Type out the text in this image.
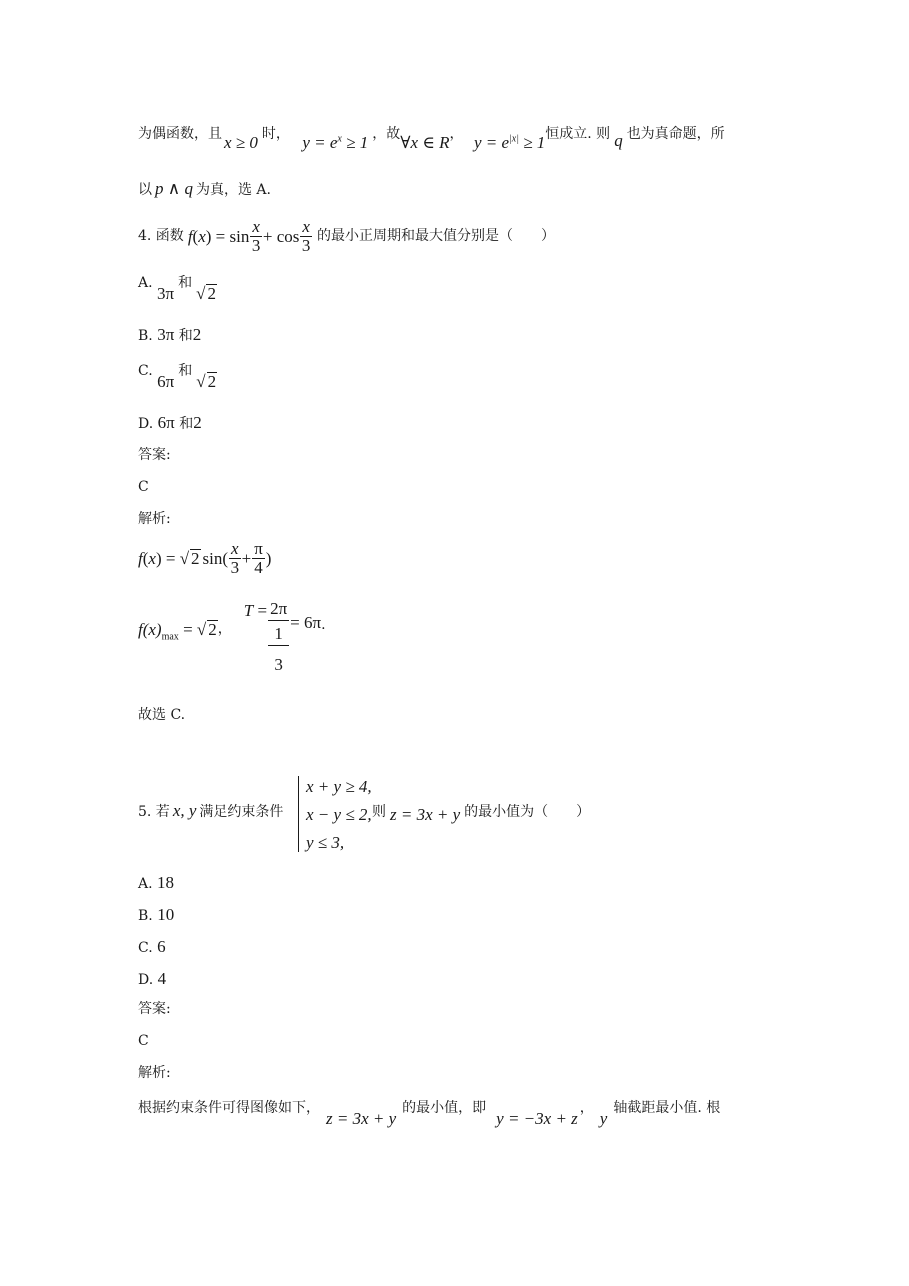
为偶函数，且 x ≥ 0 时， $y = e^x \ge 1$ ，故∀x ∈ R， $y = e^{|x|} \ge 1$恒成立. 则 q 也为真命题，所
以 p ∧ q 为真，选 A.
4. 函数 $f(x) = \sin \frac{x}{3} + \cos \frac{x}{3}$ 的最小正周期和最大值分别是（　　）
A. 3π和√ 2
B. 3π 和2
C. 6π和√ 2
D. 6π 和2
答案:
C
解析:
f(x) = √ 2 $\sin( \frac{x}{3} + \frac{\pi}{4}$ )
$f(x)_{max}$ = √ 2 ，
T = 2π
1
3
= 6π .
故选 C.
5. 若 x, y 满足约束条件
x + y ≥ 4,
x − y ≤ 2,
y ≤ 3,
则 z = 3x + y 的最小值为（　　）
A. 18
B. 10
C. 6
D. 4
答案:
C
解析:
根据约束条件可得图像如下，z = 3x + y的最小值，即y = −3x + z，y轴截距最小值. 根
